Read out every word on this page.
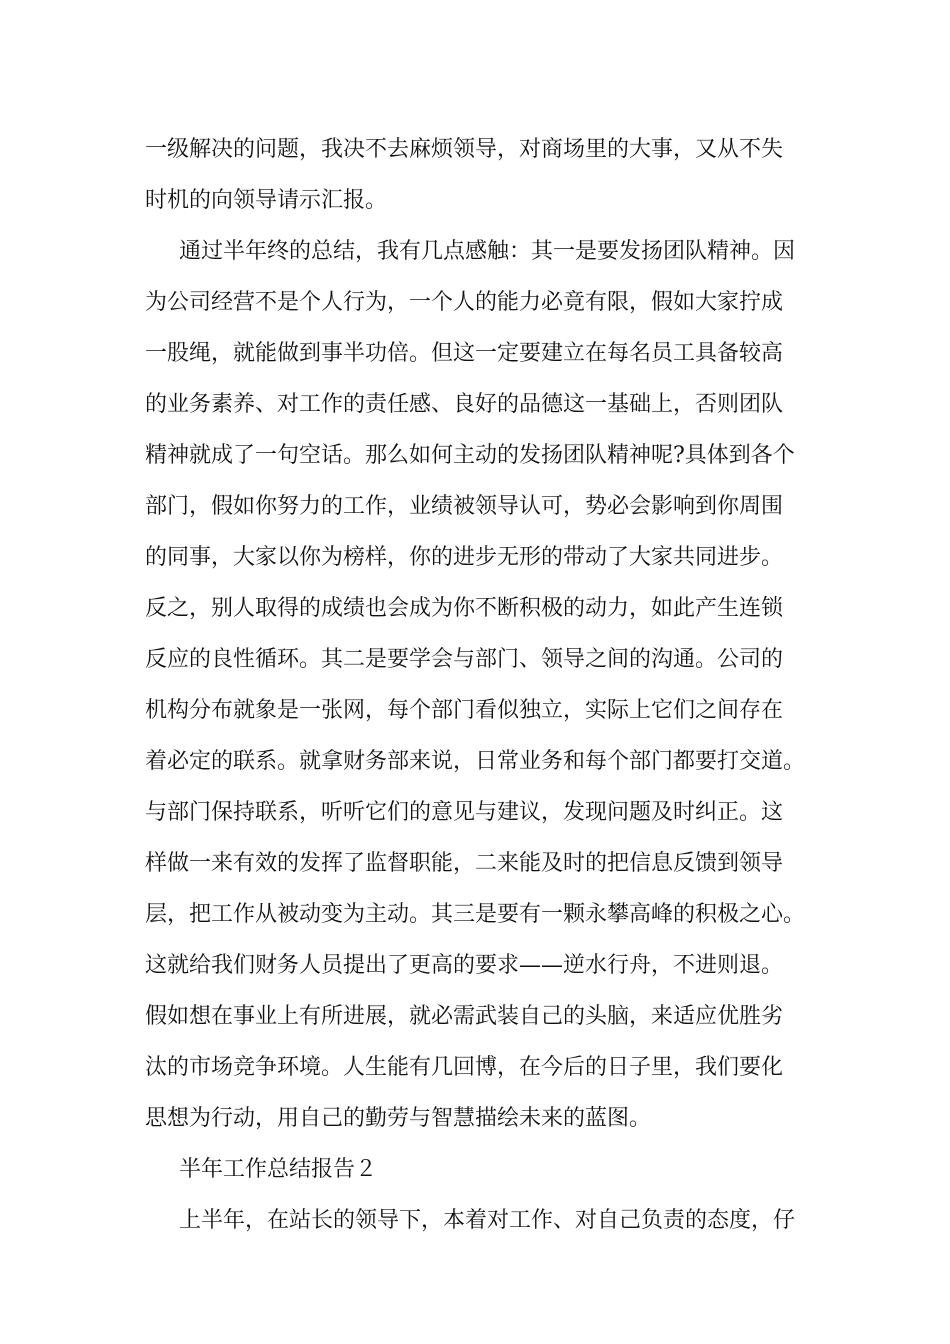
一级解决的问题，我决不去麻烦领导，对商场里的大事，又从不失
时机的向领导请示汇报。
通过半年终的总结，我有几点感触：其一是要发扬团队精神。因
为公司经营不是个人行为，一个人的能力必竟有限，假如大家拧成
一股绳，就能做到事半功倍。但这一定要建立在每名员工具备较高
的业务素养、对工作的责任感、良好的品德这一基础上，否则团队
精神就成了一句空话。那么如何主动的发扬团队精神呢?具体到各个
部门，假如你努力的工作，业绩被领导认可，势必会影响到你周围
的同事，大家以你为榜样，你的进步无形的带动了大家共同进步。
反之，别人取得的成绩也会成为你不断积极的动力，如此产生连锁
反应的良性循环。其二是要学会与部门、领导之间的沟通。公司的
机构分布就象是一张网，每个部门看似独立，实际上它们之间存在
着必定的联系。就拿财务部来说，日常业务和每个部门都要打交道。
与部门保持联系，听听它们的意见与建议，发现问题及时纠正。这
样做一来有效的发挥了监督职能，二来能及时的把信息反馈到领导
层，把工作从被动变为主动。其三是要有一颗永攀高峰的积极之心。
这就给我们财务人员提出了更高的要求——逆水行舟，不进则退。
假如想在事业上有所进展，就必需武装自己的头脑，来适应优胜劣
汰的市场竞争环境。人生能有几回博，在今后的日子里，我们要化
思想为行动，用自己的勤劳与智慧描绘未来的蓝图。
半年工作总结报告２
上半年，在站长的领导下，本着对工作、对自己负责的态度，仔
